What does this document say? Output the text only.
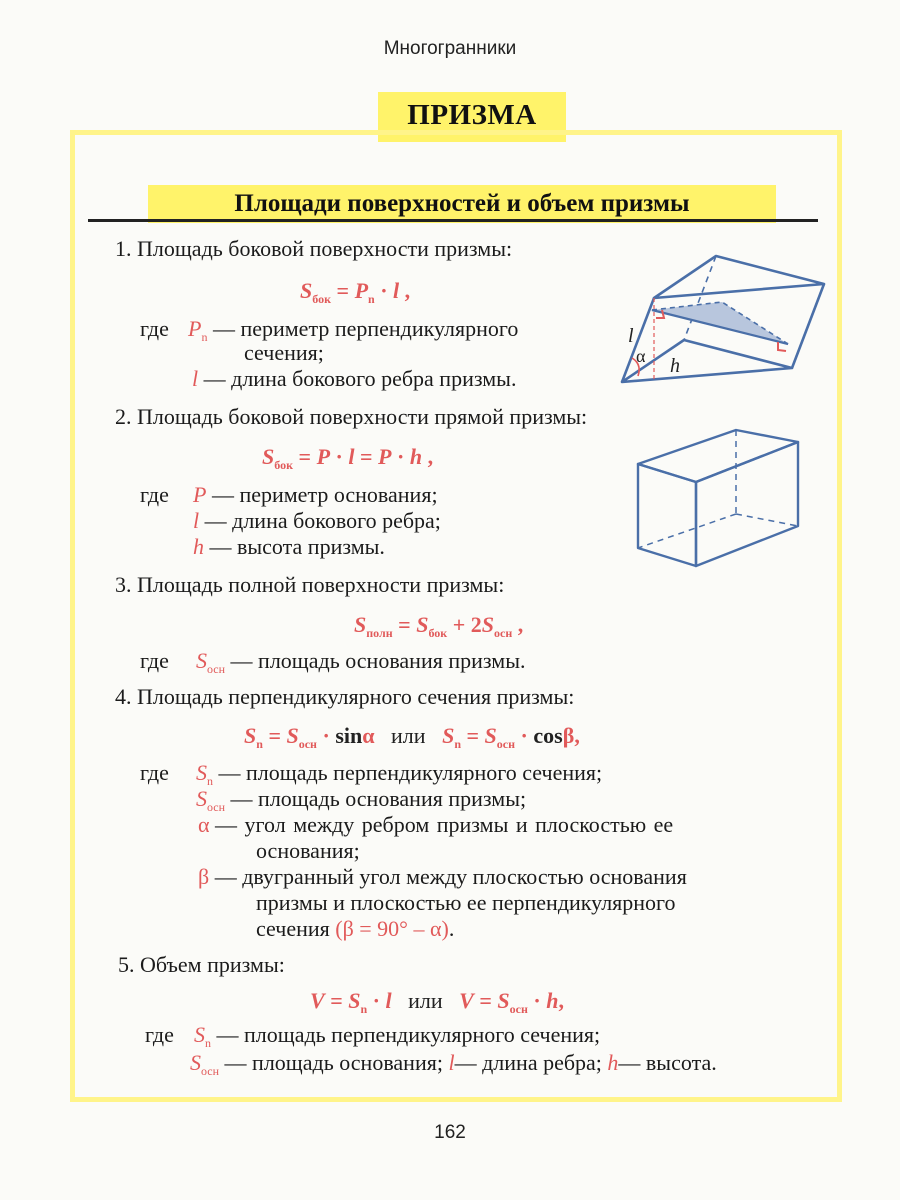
Многогранники
ПРИЗМА
Площади поверхностей и объем призмы
1. Площадь боковой поверхности призмы:
$S_{бок} = P_n \cdot l$ ,
где $P_n$ — периметр перпендикулярного
сечения;
l — длина бокового ребра призмы.
l
α h
2. Площадь боковой поверхности прямой призмы:
$S_{бок} = P \cdot l = P \cdot h$ ,
где P — периметр основания;
l — длина бокового ребра;
h — высота призмы.
3. Площадь полной поверхности призмы:
$S_{полн} = S_{бок} + 2S_{осн}$ ,
где $S_{осн}$ — площадь основания призмы.
4. Площадь перпендикулярного сечения призмы:
$S_n = S_{осн} \cdot \sin\alpha$ или $S_n = S_{осн} \cdot \cos\beta$,
где $S_n$ — площадь перпендикулярного сечения;
$S_{осн}$ — площадь основания призмы;
α — угол между ребром призмы и плоскостью ее
основания;
β — двугранный угол между плоскостью основания
призмы и плоскостью ее перпендикулярного
сечения (β = 90° – α).
5. Объем призмы:
$V = S_n \cdot l$ или $V = S_{осн} \cdot h$,
где $S_n$ — площадь перпендикулярного сечения;
$S_{осн}$ — площадь основания; l— длина ребра; h— высота.
162
